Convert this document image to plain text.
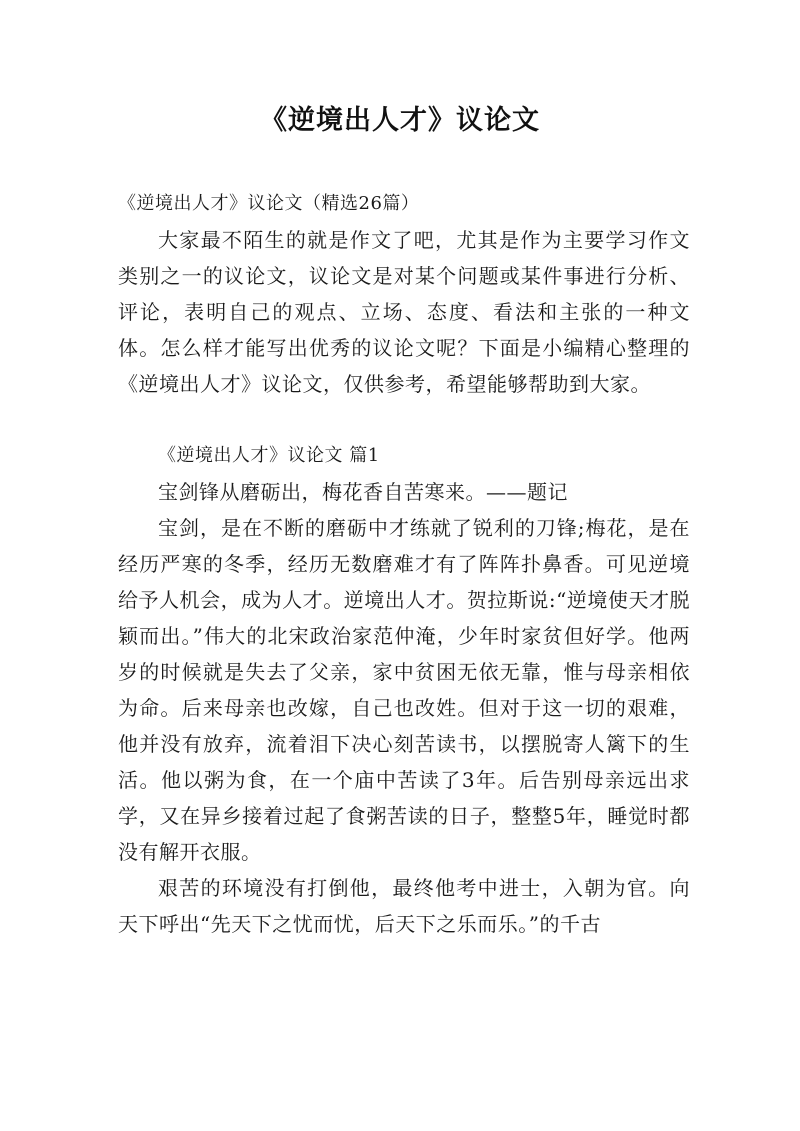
《逆境出人才》议论文

《逆境出人才》议论文（精选26篇）

大家最不陌生的就是作文了吧，尤其是作为主要学习作文类别之一的议论文，议论文是对某个问题或某件事进行分析、评论，表明自己的观点、立场、态度、看法和主张的一种文体。怎么样才能写出优秀的议论文呢？下面是小编精心整理的《逆境出人才》议论文，仅供参考，希望能够帮助到大家。

《逆境出人才》议论文 篇1

宝剑锋从磨砺出，梅花香自苦寒来。——题记

宝剑，是在不断的磨砺中才练就了锐利的刀锋;梅花，是在经历严寒的冬季，经历无数磨难才有了阵阵扑鼻香。可见逆境给予人机会，成为人才。逆境出人才。贺拉斯说:“逆境使天才脱颖而出。”伟大的北宋政治家范仲淹，少年时家贫但好学。他两岁的时候就是失去了父亲，家中贫困无依无靠，惟与母亲相依为命。后来母亲也改嫁，自己也改姓。但对于这一切的艰难，他并没有放弃，流着泪下决心刻苦读书，以摆脱寄人篱下的生活。他以粥为食，在一个庙中苦读了3年。后告别母亲远出求学，又在异乡接着过起了食粥苦读的日子，整整5年，睡觉时都没有解开衣服。

艰苦的环境没有打倒他，最终他考中进士，入朝为官。向天下呼出“先天下之忧而忧，后天下之乐而乐。”的千古
